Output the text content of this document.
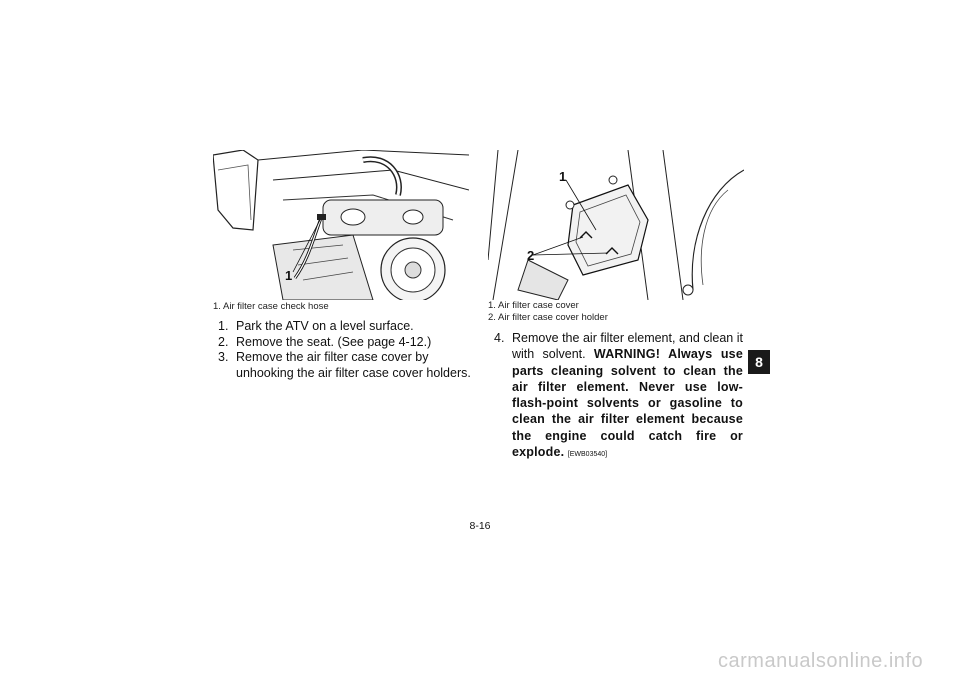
1
1. Air filter case check hose
1. Park the ATV on a level surface.
2. Remove the seat. (See page 4-12.)
3. Remove the air filter case cover by unhooking the air filter case cover holders.
1
2
1. Air filter case cover
2. Air filter case cover holder
4. Remove the air filter element, and clean it with solvent. WARNING! Always use parts cleaning solvent to clean the air filter element. Never use low-flash-point solvents or gasoline to clean the air filter element because the engine could catch fire or explode. [EWB03540]
8
8-16
carmanualsonline.info
